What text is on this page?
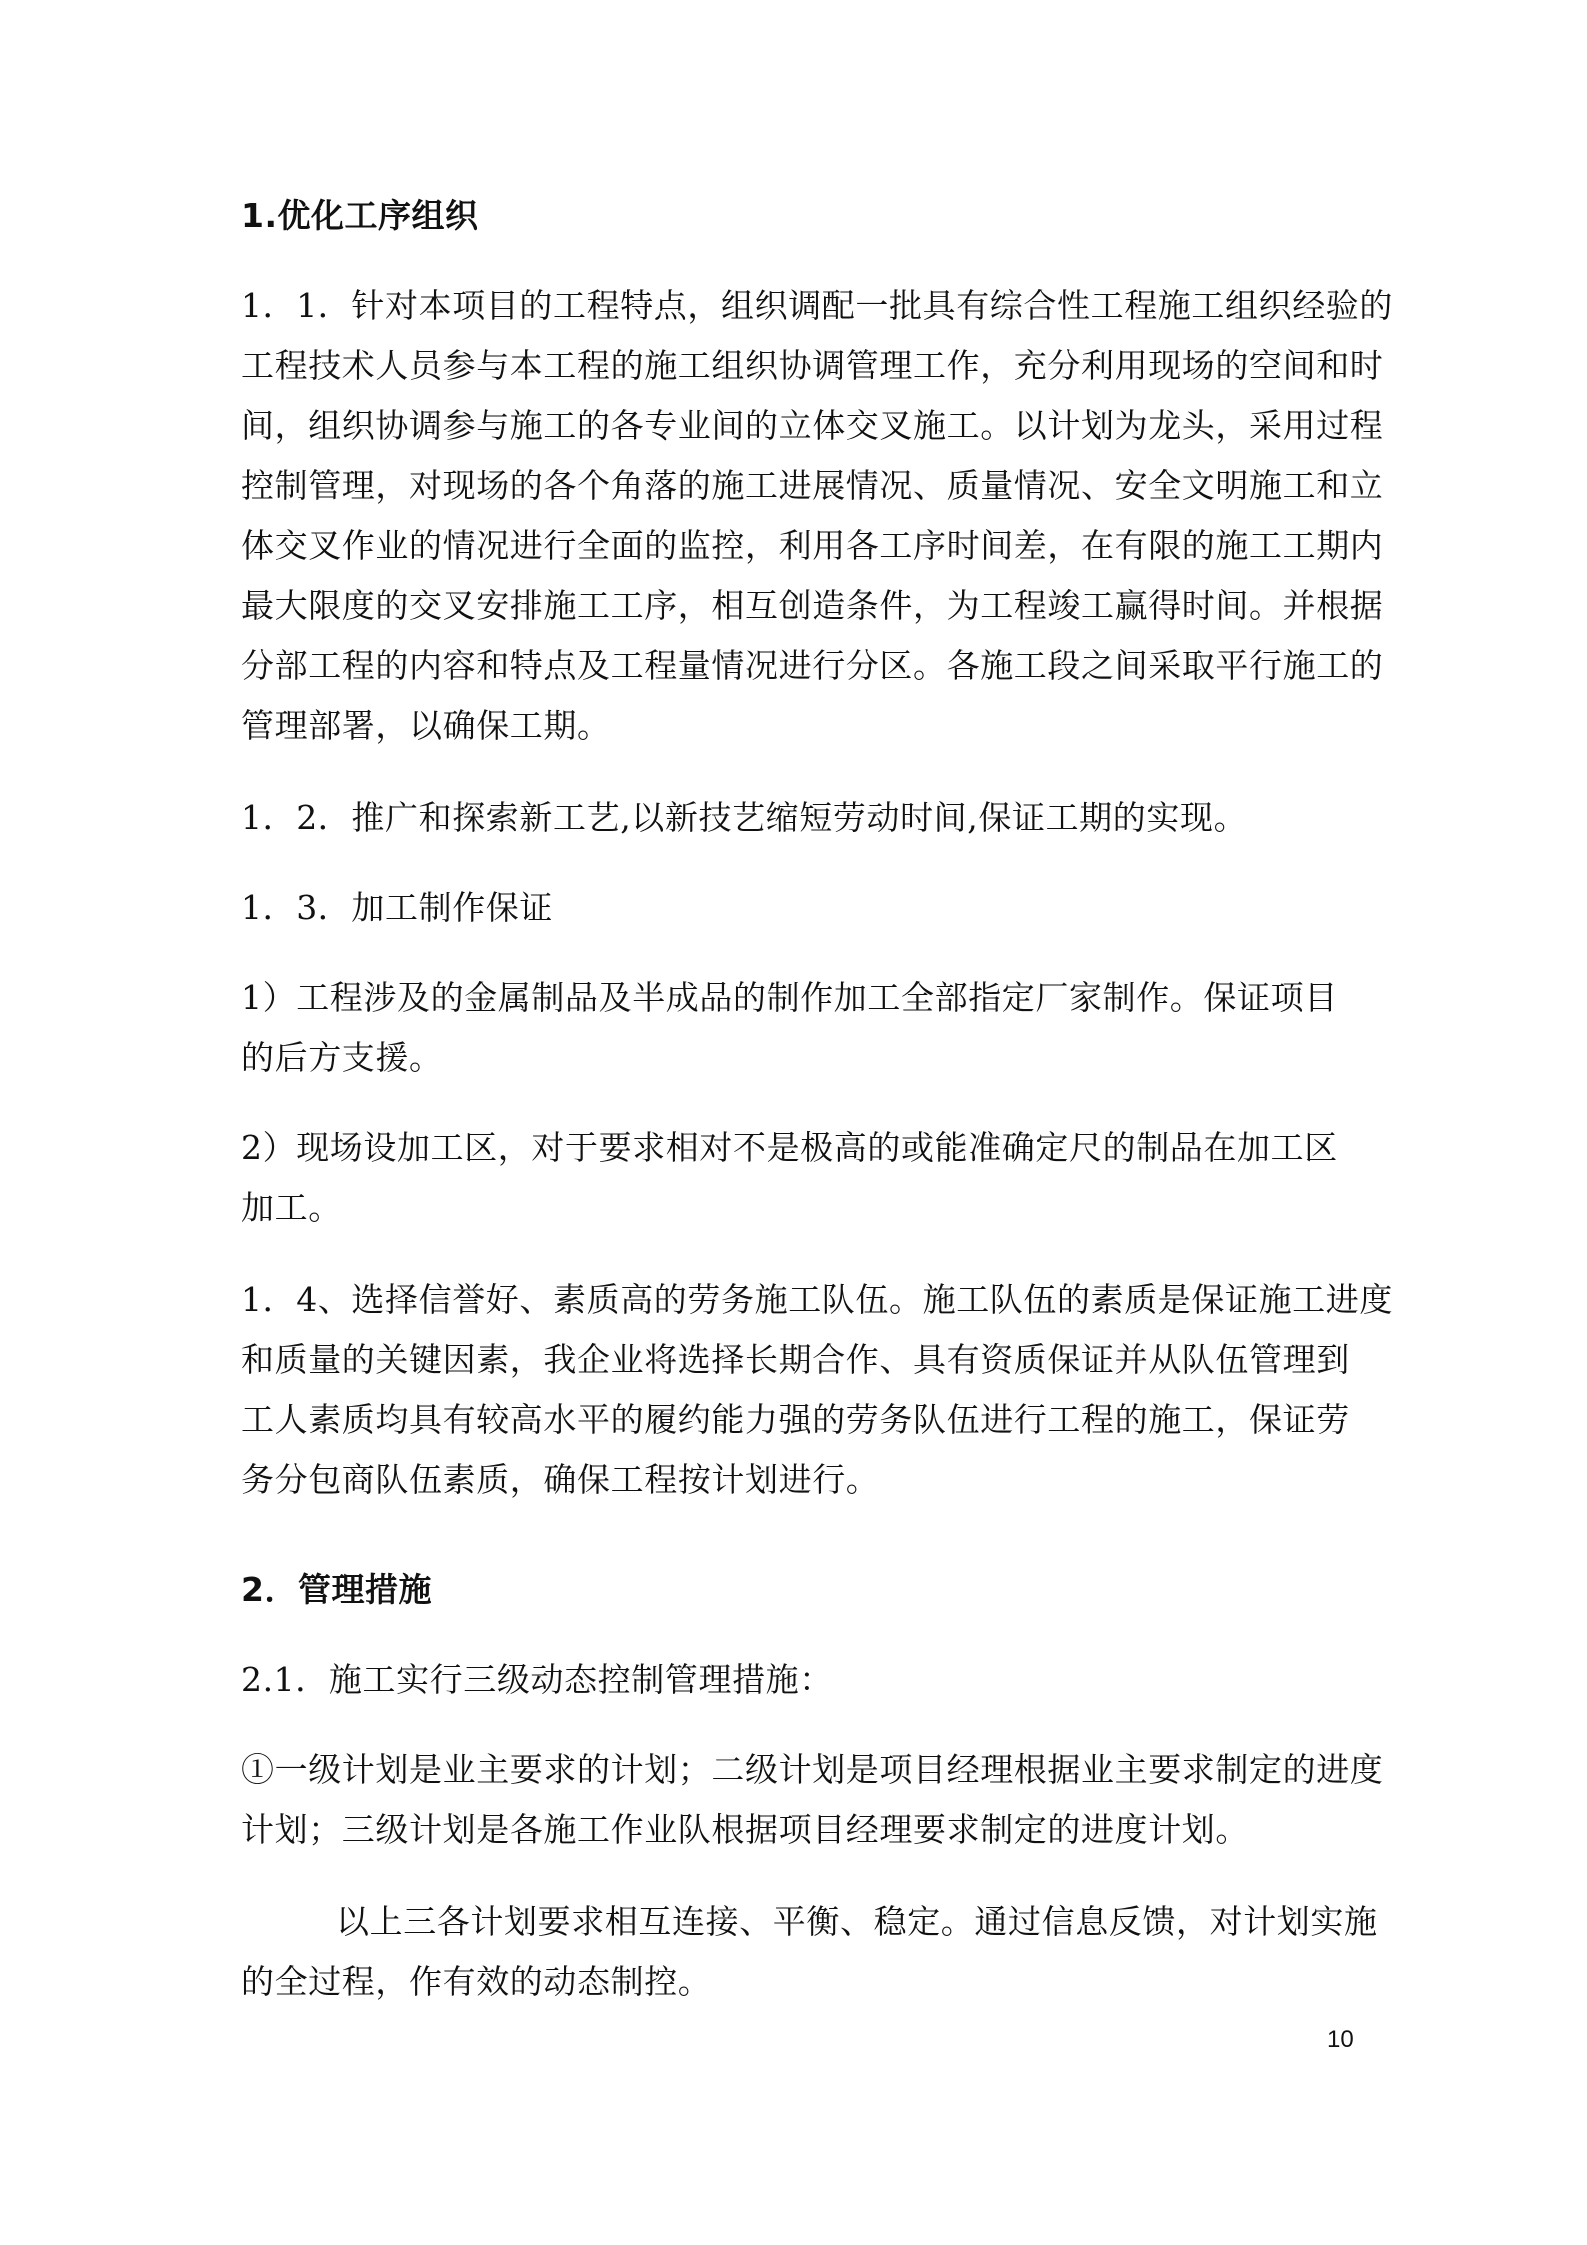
1.优化工序组织
1．1．针对本项目的工程特点，组织调配一批具有综合性工程施工组织经验的
工程技术人员参与本工程的施工组织协调管理工作，充分利用现场的空间和时
间，组织协调参与施工的各专业间的立体交叉施工。以计划为龙头，采用过程
控制管理，对现场的各个角落的施工进展情况、质量情况、安全文明施工和立
体交叉作业的情况进行全面的监控，利用各工序时间差，在有限的施工工期内
最大限度的交叉安排施工工序，相互创造条件，为工程竣工赢得时间。并根据
分部工程的内容和特点及工程量情况进行分区。各施工段之间采取平行施工的
管理部署，以确保工期。
1．2．推广和探索新工艺,以新技艺缩短劳动时间,保证工期的实现。
1．3．加工制作保证
1）工程涉及的金属制品及半成品的制作加工全部指定厂家制作。保证项目
的后方支援。
2）现场设加工区，对于要求相对不是极高的或能准确定尺的制品在加工区
加工。
1．4、选择信誉好、素质高的劳务施工队伍。施工队伍的素质是保证施工进度
和质量的关键因素，我企业将选择长期合作、具有资质保证并从队伍管理到
工人素质均具有较高水平的履约能力强的劳务队伍进行工程的施工，保证劳
务分包商队伍素质，确保工程按计划进行。
2．管理措施
2.1．施工实行三级动态控制管理措施：
①一级计划是业主要求的计划；二级计划是项目经理根据业主要求制定的进度
计划；三级计划是各施工作业队根据项目经理要求制定的进度计划。
以上三各计划要求相互连接、平衡、稳定。通过信息反馈，对计划实施
的全过程，作有效的动态制控。
10
